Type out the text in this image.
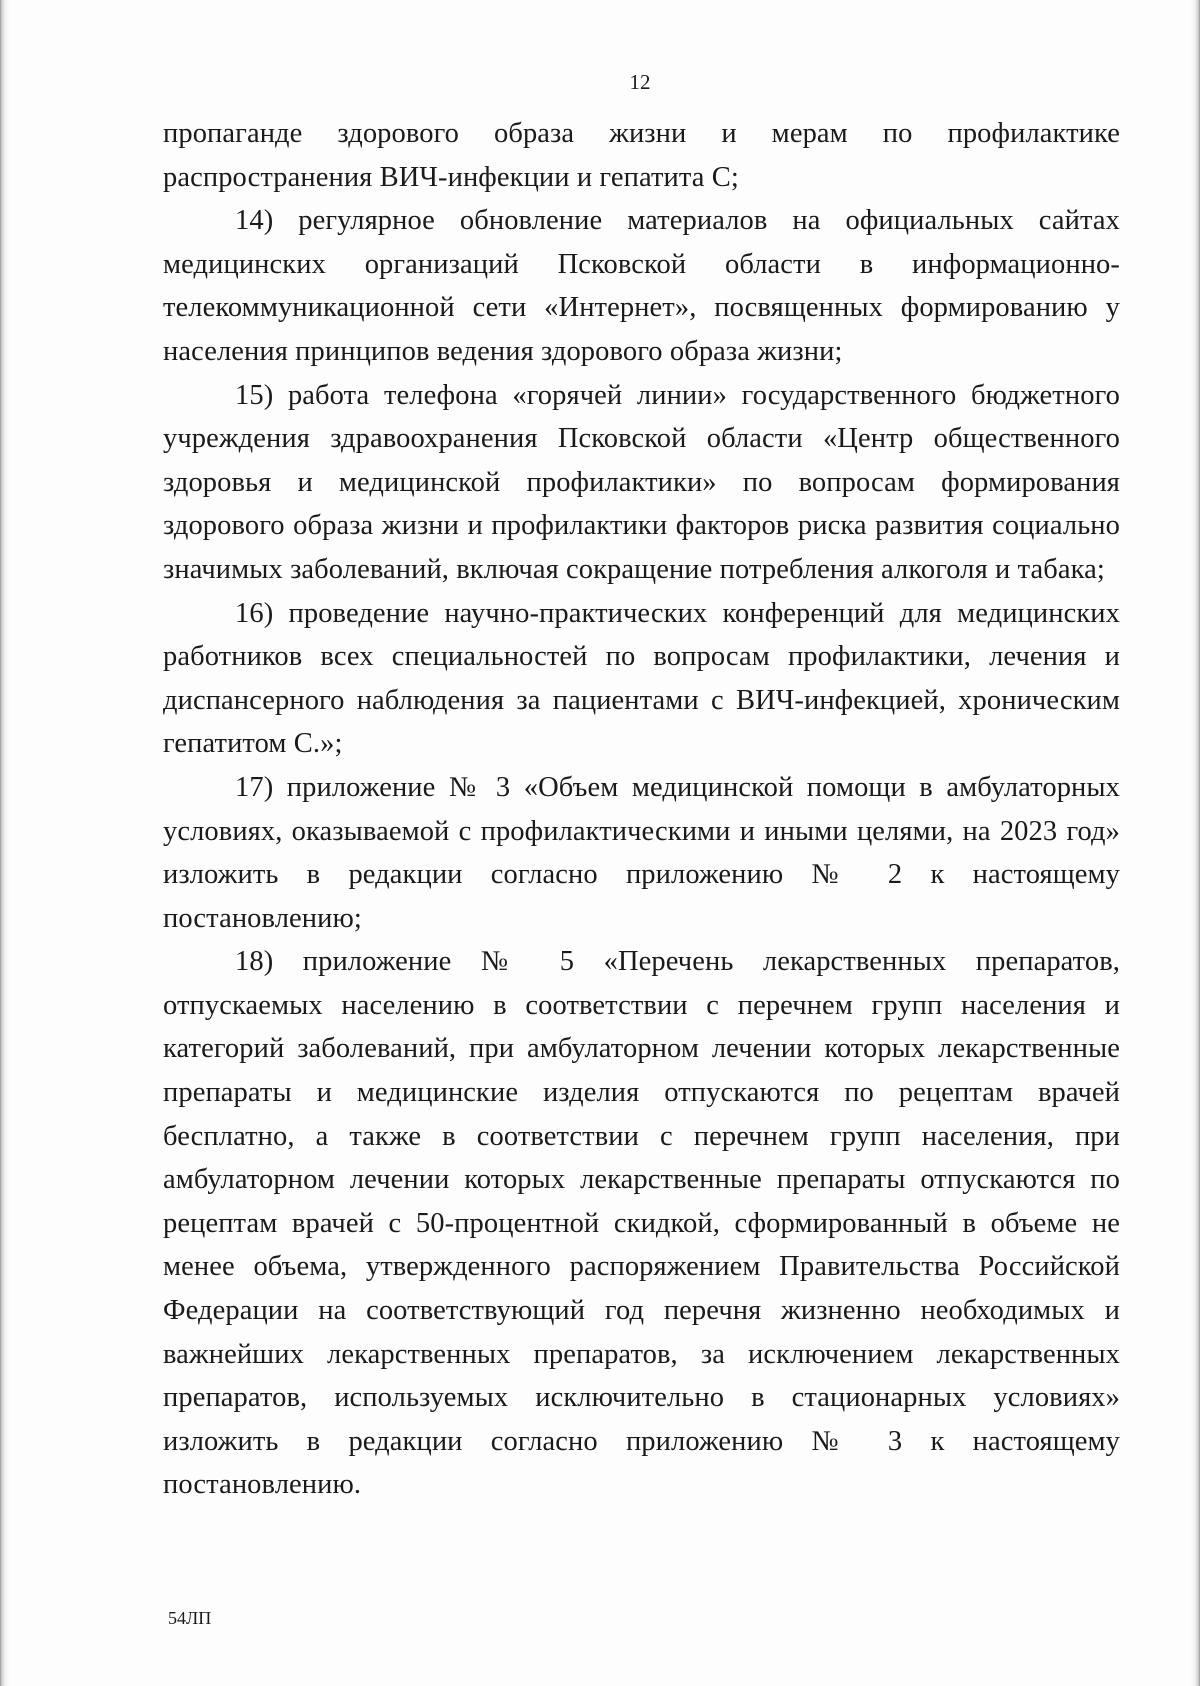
12

пропаганде здорового образа жизни и мерам по профилактике распространения ВИЧ-инфекции и гепатита С;

14) регулярное обновление материалов на официальных сайтах медицинских организаций Псковской области в информационно-телекоммуникационной сети «Интернет», посвященных формированию у населения принципов ведения здорового образа жизни;

15) работа телефона «горячей линии» государственного бюджетного учреждения здравоохранения Псковской области «Центр общественного здоровья и медицинской профилактики» по вопросам формирования здорового образа жизни и профилактики факторов риска развития социально значимых заболеваний, включая сокращение потребления алкоголя и табака;

16) проведение научно-практических конференций для медицинских работников всех специальностей по вопросам профилактики, лечения и диспансерного наблюдения за пациентами с ВИЧ-инфекцией, хроническим гепатитом С.»;

17) приложение № 3 «Объем медицинской помощи в амбулаторных условиях, оказываемой с профилактическими и иными целями, на 2023 год» изложить в редакции согласно приложению № 2 к настоящему постановлению;

18) приложение № 5 «Перечень лекарственных препаратов, отпускаемых населению в соответствии с перечнем групп населения и категорий заболеваний, при амбулаторном лечении которых лекарственные препараты и медицинские изделия отпускаются по рецептам врачей бесплатно, а также в соответствии с перечнем групп населения, при амбулаторном лечении которых лекарственные препараты отпускаются по рецептам врачей с 50-процентной скидкой, сформированный в объеме не менее объема, утвержденного распоряжением Правительства Российской Федерации на соответствующий год перечня жизненно необходимых и важнейших лекарственных препаратов, за исключением лекарственных препаратов, используемых исключительно в стационарных условиях» изложить в редакции согласно приложению № 3 к настоящему постановлению.

54ЛП
